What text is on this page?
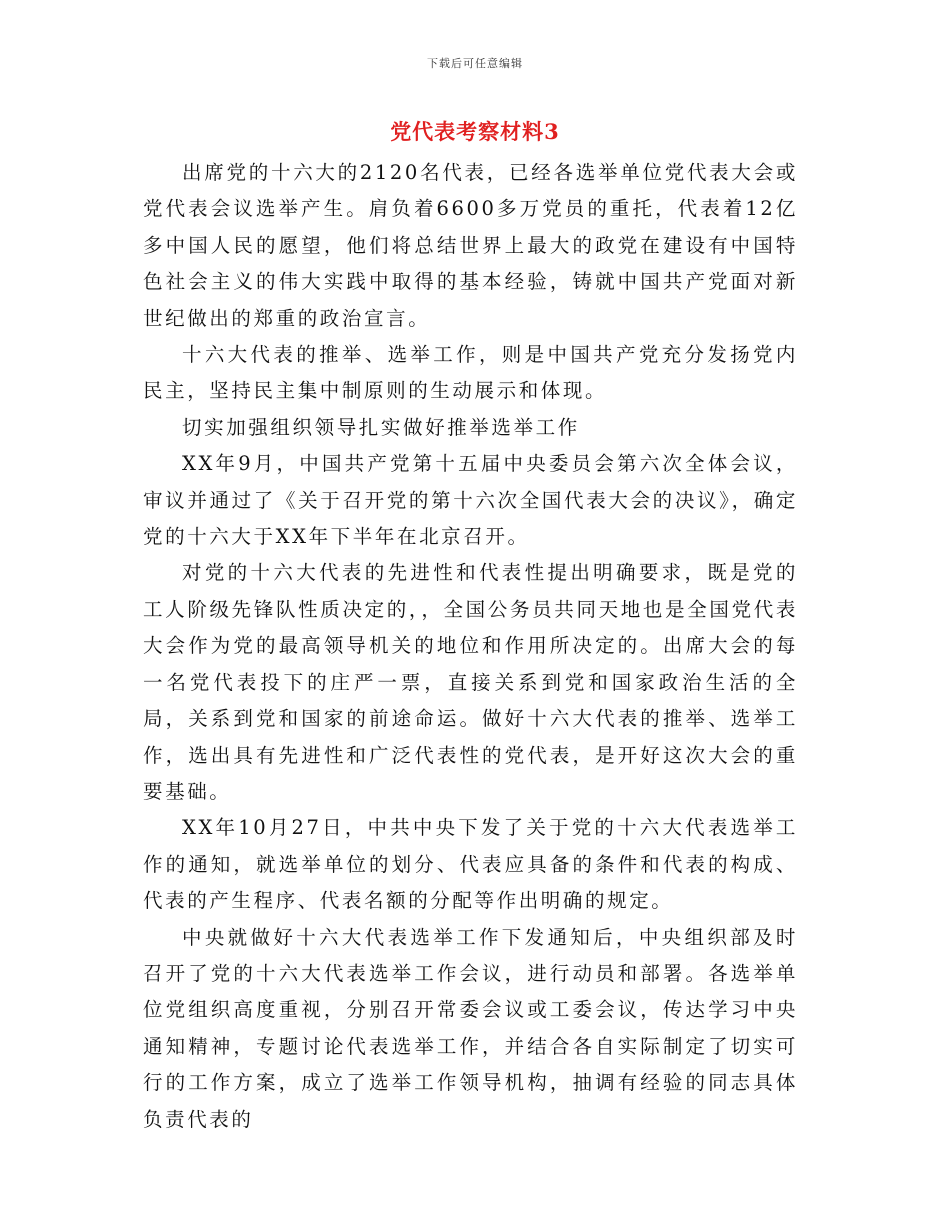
下载后可任意编辑
党代表考察材料3

出席党的十六大的2120名代表，已经各选举单位党代表大会或党代表会议选举产生。肩负着6600多万党员的重托，代表着12亿多中国人民的愿望，他们将总结世界上最大的政党在建设有中国特色社会主义的伟大实践中取得的基本经验，铸就中国共产党面对新世纪做出的郑重的政治宣言。

十六大代表的推举、选举工作，则是中国共产党充分发扬党内民主，坚持民主集中制原则的生动展示和体现。

切实加强组织领导扎实做好推举选举工作

XX年9月，中国共产党第十五届中央委员会第六次全体会议，审议并通过了《关于召开党的第十六次全国代表大会的决议》，确定党的十六大于XX年下半年在北京召开。

对党的十六大代表的先进性和代表性提出明确要求，既是党的工人阶级先锋队性质决定的，，全国公务员共同天地也是全国党代表大会作为党的最高领导机关的地位和作用所决定的。出席大会的每一名党代表投下的庄严一票，直接关系到党和国家政治生活的全局，关系到党和国家的前途命运。做好十六大代表的推举、选举工作，选出具有先进性和广泛代表性的党代表，是开好这次大会的重要基础。

XX年10月27日，中共中央下发了关于党的十六大代表选举工作的通知，就选举单位的划分、代表应具备的条件和代表的构成、代表的产生程序、代表名额的分配等作出明确的规定。

中央就做好十六大代表选举工作下发通知后，中央组织部及时召开了党的十六大代表选举工作会议，进行动员和部署。各选举单位党组织高度重视，分别召开常委会议或工委会议，传达学习中央通知精神，专题讨论代表选举工作，并结合各自实际制定了切实可行的工作方案，成立了选举工作领导机构，抽调有经验的同志具体负责代表的
